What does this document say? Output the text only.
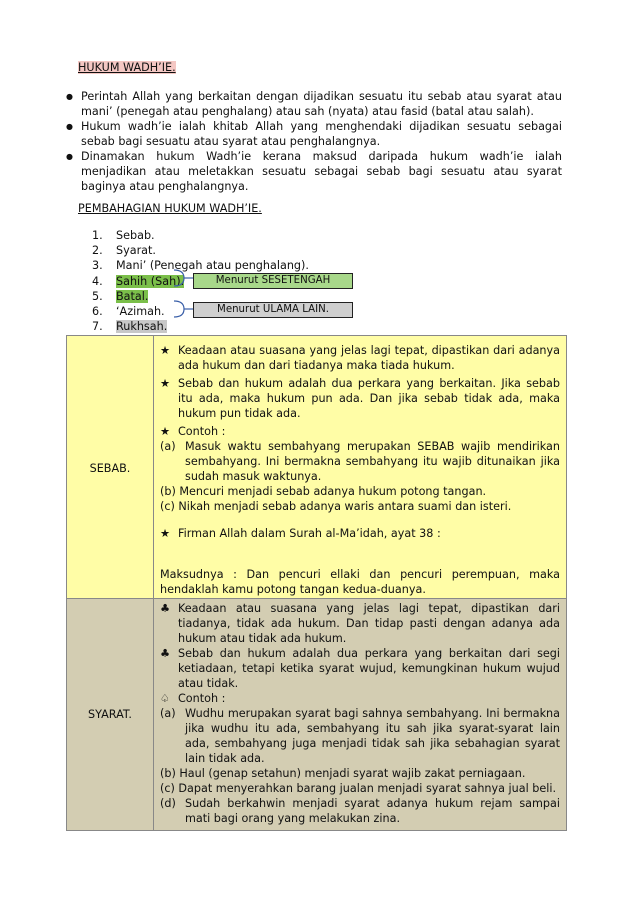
HUKUM WADH’IE.
● Perintah Allah yang berkaitan dengan dijadikan sesuatu itu sebab atau syarat atau mani’ (penegah atau penghalang) atau sah (nyata) atau fasid (batal atau salah).
● Hukum wadh’ie ialah khitab Allah yang menghendaki dijadikan sesuatu sebagai sebab bagi sesuatu atau syarat atau penghalangnya.
● Dinamakan hukum Wadh’ie kerana maksud daripada hukum wadh’ie ialah menjadikan atau meletakkan sesuatu sebagai sebab bagi sesuatu atau syarat baginya atau penghalangnya.
PEMBAHAGIAN HUKUM WADH’IE.
1. Sebab.
2. Syarat.
3. Mani’ (Penegah atau penghalang).
4. Sahih (Sah).
5. Batal.
6. ‘Azimah.
7. Rukhsah.
Menurut SESETENGAH
Menurut ULAMA LAIN.
SEBAB.	
★ Keadaan atau suasana yang jelas lagi tepat, dipastikan dari adanya ada hukum dan dari tiadanya maka tiada hukum.
★ Sebab dan hukum adalah dua perkara yang berkaitan. Jika sebab itu ada, maka hukum pun ada. Dan jika sebab tidak ada, maka hukum pun tidak ada.
★ Contoh :
(a) Masuk waktu sembahyang merupakan SEBAB wajib mendirikan sembahyang. Ini bermakna sembahyang itu wajib ditunaikan jika sudah masuk waktunya.
(b) Mencuri menjadi sebab adanya hukum potong tangan.
(c) Nikah menjadi sebab adanya waris antara suami dan isteri.
★ Firman Allah dalam Surah al-Ma’idah, ayat 38 :
Maksudnya : Dan pencuri ellaki dan pencuri perempuan, maka hendaklah kamu potong tangan kedua-duanya.
SYARAT.	
♣ Keadaan atau suasana yang jelas lagi tepat, dipastikan dari tiadanya, tidak ada hukum. Dan tidap pasti dengan adanya ada hukum atau tidak ada hukum.
♣ Sebab dan hukum adalah dua perkara yang berkaitan dari segi ketiadaan, tetapi ketika syarat wujud, kemungkinan hukum wujud atau tidak.
♤ Contoh :
(a) Wudhu merupakan syarat bagi sahnya sembahyang. Ini bermakna jika wudhu itu ada, sembahyang itu sah jika syarat-syarat lain ada, sembahyang juga menjadi tidak sah jika sebahagian syarat lain tidak ada.
(b) Haul (genap setahun) menjadi syarat wajib zakat perniagaan.
(c) Dapat menyerahkan barang jualan menjadi syarat sahnya jual beli.
(d) Sudah berkahwin menjadi syarat adanya hukum rejam sampai mati bagi orang yang melakukan zina.
